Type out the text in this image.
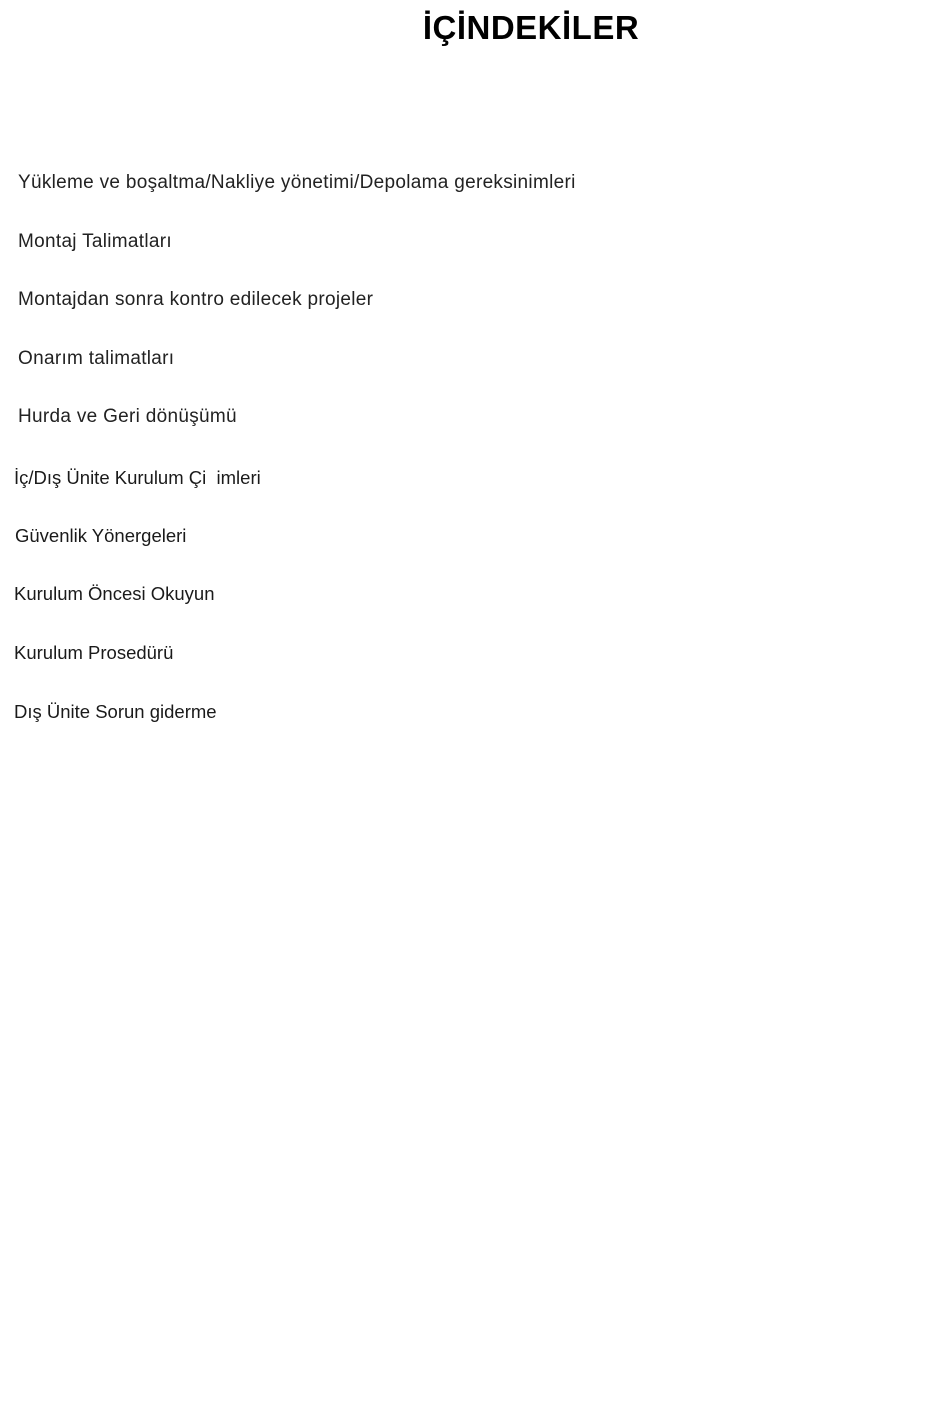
İÇİNDEKİLER
Yükleme ve boşaltma/Nakliye yönetimi/Depolama gereksinimleri
Montaj Talimatları
Montajdan sonra kontro edilecek projeler
Onarım talimatları
Hurda ve Geri dönüşümü
İç/Dış Ünite Kurulum Çi  imleri
Güvenlik Yönergeleri
Kurulum Öncesi Okuyun
Kurulum Prosedürü
Dış Ünite Sorun giderme
